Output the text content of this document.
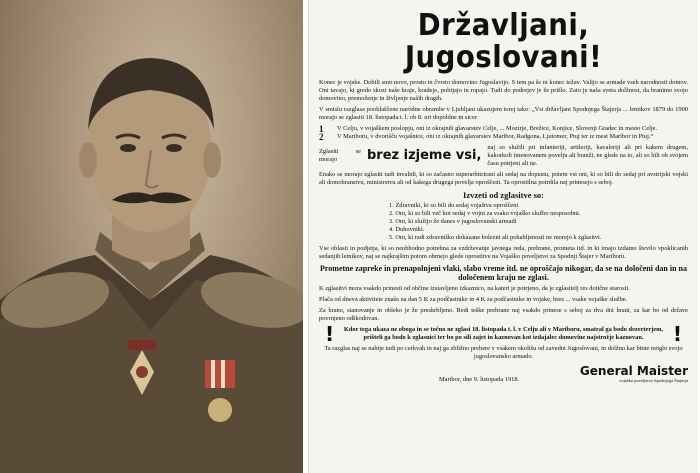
Državljani, Jugoslovani!

Konec je vojske. Dobili smo novo, prosto in čvrsto domovino Jugoslavijo. S tem pa še ni konec težav. Valijo se armade vseh narodnosti domov. Oni tavajo, ki gredo skozi naše kraje, kradejo, pobijajo in ropajo. Tudi do podrejev je že prišlo. Zato je naša sveta dolžnost, da branimo svojo domovino, premoženje in življenje naših dragih.

V smislu razglasa pooblaščene narodne obrambe v Ljubljani ukazujem torej tako: „Vsi državljani Spodnjega Štajerja ... letnikov 1879 do 1900 morajo se zglasiti 18. listopada t. l. ob 8. uri dopoldne in sicer

1	V Celju, v vojaškem poslopju, oni iz okrajnih glavarstev Celje, ... Mozirje, Brežice, Konjice, Slovenji Gradec in mesto Celje.
2	V Mariboru, v dvorišču vojašnice, oni iz okrajnih glavarstev Maribor, Radgona, Ljutomer, Ptuj ter iz mest Maribor in Ptuj.“
Zglasiti se morajo	brez izjeme vsi,
naj so služili pri infanteriji, artileriji, kavaleriji ali pri kakem drugem, kakorkoli imenovanem povelju ali branži, ne glede na to, ali so bili ob svojem času potrjeni ali ne.

Enako se morajo zglasiti tudi invalidi, ki so začasno superarbitrirani ali sedaj na dopustu, potem vsi oni, ki so bili do sedaj pri avstrijski vojski ali domobranstvu, ministrstvu ali od kakega drugega povelja oproščeni. Ta oprostilna potrdila naj prinesejo s seboj.

Izvzeti od zglasitve so:
1. Zdravniki, ki so bili do sedaj vojaštva oproščeni
2. Oni, ki so bili več kot sedaj v vojni za vsako vojaško službo nesposobni.
3. Oni, ki služijo že danes v jugoslovanski armadi
4. Duhovniki.
5. Oni, ki radi zdravniško dokazane bolezni ali pohabljenosti ne morejo k zglasitvi.

Vse oblasti in podjetja, ki so neobhodno potrebna za vzdrževanje javnega reda, prehrane, prometa itd. in ki imajo izdatno število vpoklicanih sedanjih letnikov, naj se najkrajšim potom obrnejo glede oprostitve na Vojaško poveljstvo za Spodnji Štajer v Mariboru.

Prometne zapreke in prenapolnjeni vlaki, slabo vreme itd. ne oproščajo nikogar, da se na določeni dan in na določenem kraju ne zglasi.

K zglasitvi mora vsakdo prinesti od občine izstavljeno izkaznico, na kateri je potrjeno, da je zglasitelj res dotične starosti.

Plača od dneva aktivitete znaša na dan 5 K za podčastnike in 4 K za podčastnike in vojake, brez ... vsake vojaške službe.

Za hrano, stanovanje in obleko je že preskrbljeno. Redi teške prebrane naj vsakdo prinese s seboj za dva dni hrani, za kar bo od države povrnjeno odškodovan.

!	Kdor tega ukaza ne oboga in se točno ne zglasi 18. listopada t. l. v Celju ali v Mariboru, smatral ga bodo dezerterjem, prišteli ga bodo k zglasnici ter bo po sili zajet in kaznovan kot izdajalec domovine najstrožje kaznovan.	!

Ta razglas naj se nabije tudi po cerkvah in naj ga zbližno prebere v vsakem okolišu od zavedni Jugoslovani, in dolžno kar bitne moglo svojo jugoslovansko armado.

Maribor, dne 9. listopada 1918.
General Maister
vojaško poveljstvo Spodnjega Štajerja
